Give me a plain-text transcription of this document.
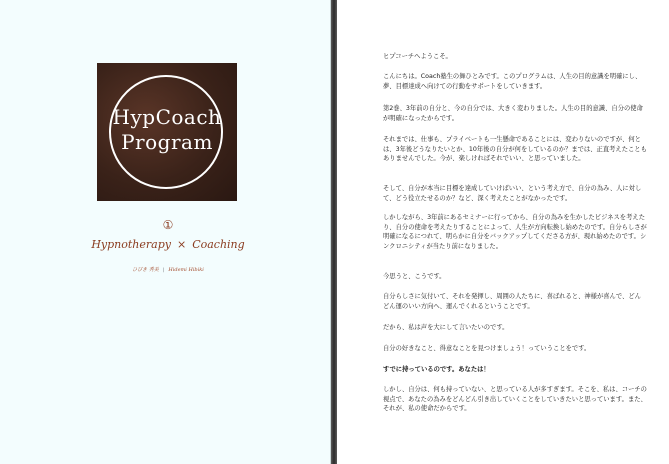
HypCoach
Program
①
Hypnotherapy × Coaching
ひびき 秀美 | Hidemi Hibiki

ヒプコーチへようこそ。

こんにちは。Coach塾生の舞ひとみです。このプログラムは、人生の目的意識を明確にし、夢、目標達成へ向けての行動をサポートをしていきます。

第2巻、3年前の自分と、今の自分では、大きく変わりました。人生の目的意識、自分の使命が明確になったからです。

それまでは、仕事も、プライベートも一生懸命であることには、変わりないのですが、何とは、3年後どうなりたいとか、10年後の自分が何をしているのか？までは、正直考えたこともありませんでした。今が、楽しければそれでいい、と思っていました。

そして、自分が本当に目標を達成していけばいい、という考え方で、自分の為み、人に対して、どう役立たせるのか？など、深く考えたことがなかったです。

しかしながら、3年前にあるセミナーに行ってから、自分の為みを生かしたビジネスを考えたり、自分の使命を考えたりすることによって、人生が方向転換し始めたのです。自分らしさが明確になるにつれて、明らかに自分をバックアップしてくださる方が、現れ始めたのです。シンクロニシティが当たり前になりました。

今思うと、こうです。

自分らしさに気付いて、それを発揮し、周囲の人たちに、喜ばれると、神様が喜んで、どんどん運のいい方向へ、運んでくれるということです。

だから、私は声を大にして言いたいのです。

自分の好きなこと、得意なことを見つけましょう！っていうことをです。

すでに持っているのです。あなたは！

しかし、自分は、何も持っていない、と思っている人が多すぎます。そこを、私は、コーチの視点で、あなたの為みをどんどん引き出していくことをしていきたいと思っています。また、それが、私の使命だからです。
